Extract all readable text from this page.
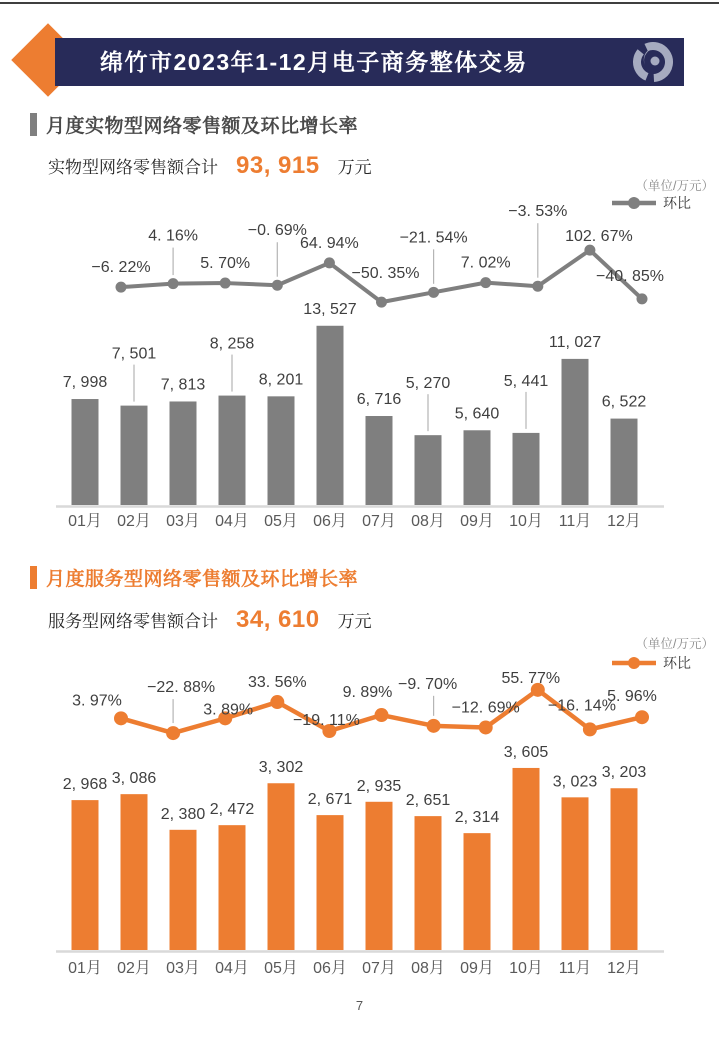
绵竹市2023年1-12月电子商务整体交易
月度实物型网络零售额及环比增长率

实物型网络零售额合计 93, 915 万元

7, 998
7, 501
7, 813
8, 258
8, 201
13, 527
6, 716
5, 270
5, 640
5, 441
11, 027
6, 522
01月 02月 03月 04月 05月 06月 07月 08月 09月 10月 11月 12月
−6. 22%
4. 16%
5. 70%
−0. 69%
64. 94%
−50. 35%
−21. 54%
7. 02%
−3. 53%
102. 67%
−40. 85%
（单位/万元）
环比
月度服务型网络零售额及环比增长率

服务型网络零售额合计 34, 610 万元

2, 968 3, 086
2, 380 2, 472
3, 302
2, 671
2, 935
2, 651
2, 314
3, 605
3, 023
3, 203
01月 02月 03月 04月 05月 06月 07月 08月 09月 10月 11月 12月
3. 97%
−22. 88%
3. 89%
33. 56%
−19. 11%
9. 89% −9. 70%
−12. 69%
55. 77%
−16. 14%
5. 96%
（单位/万元）
环比
7
